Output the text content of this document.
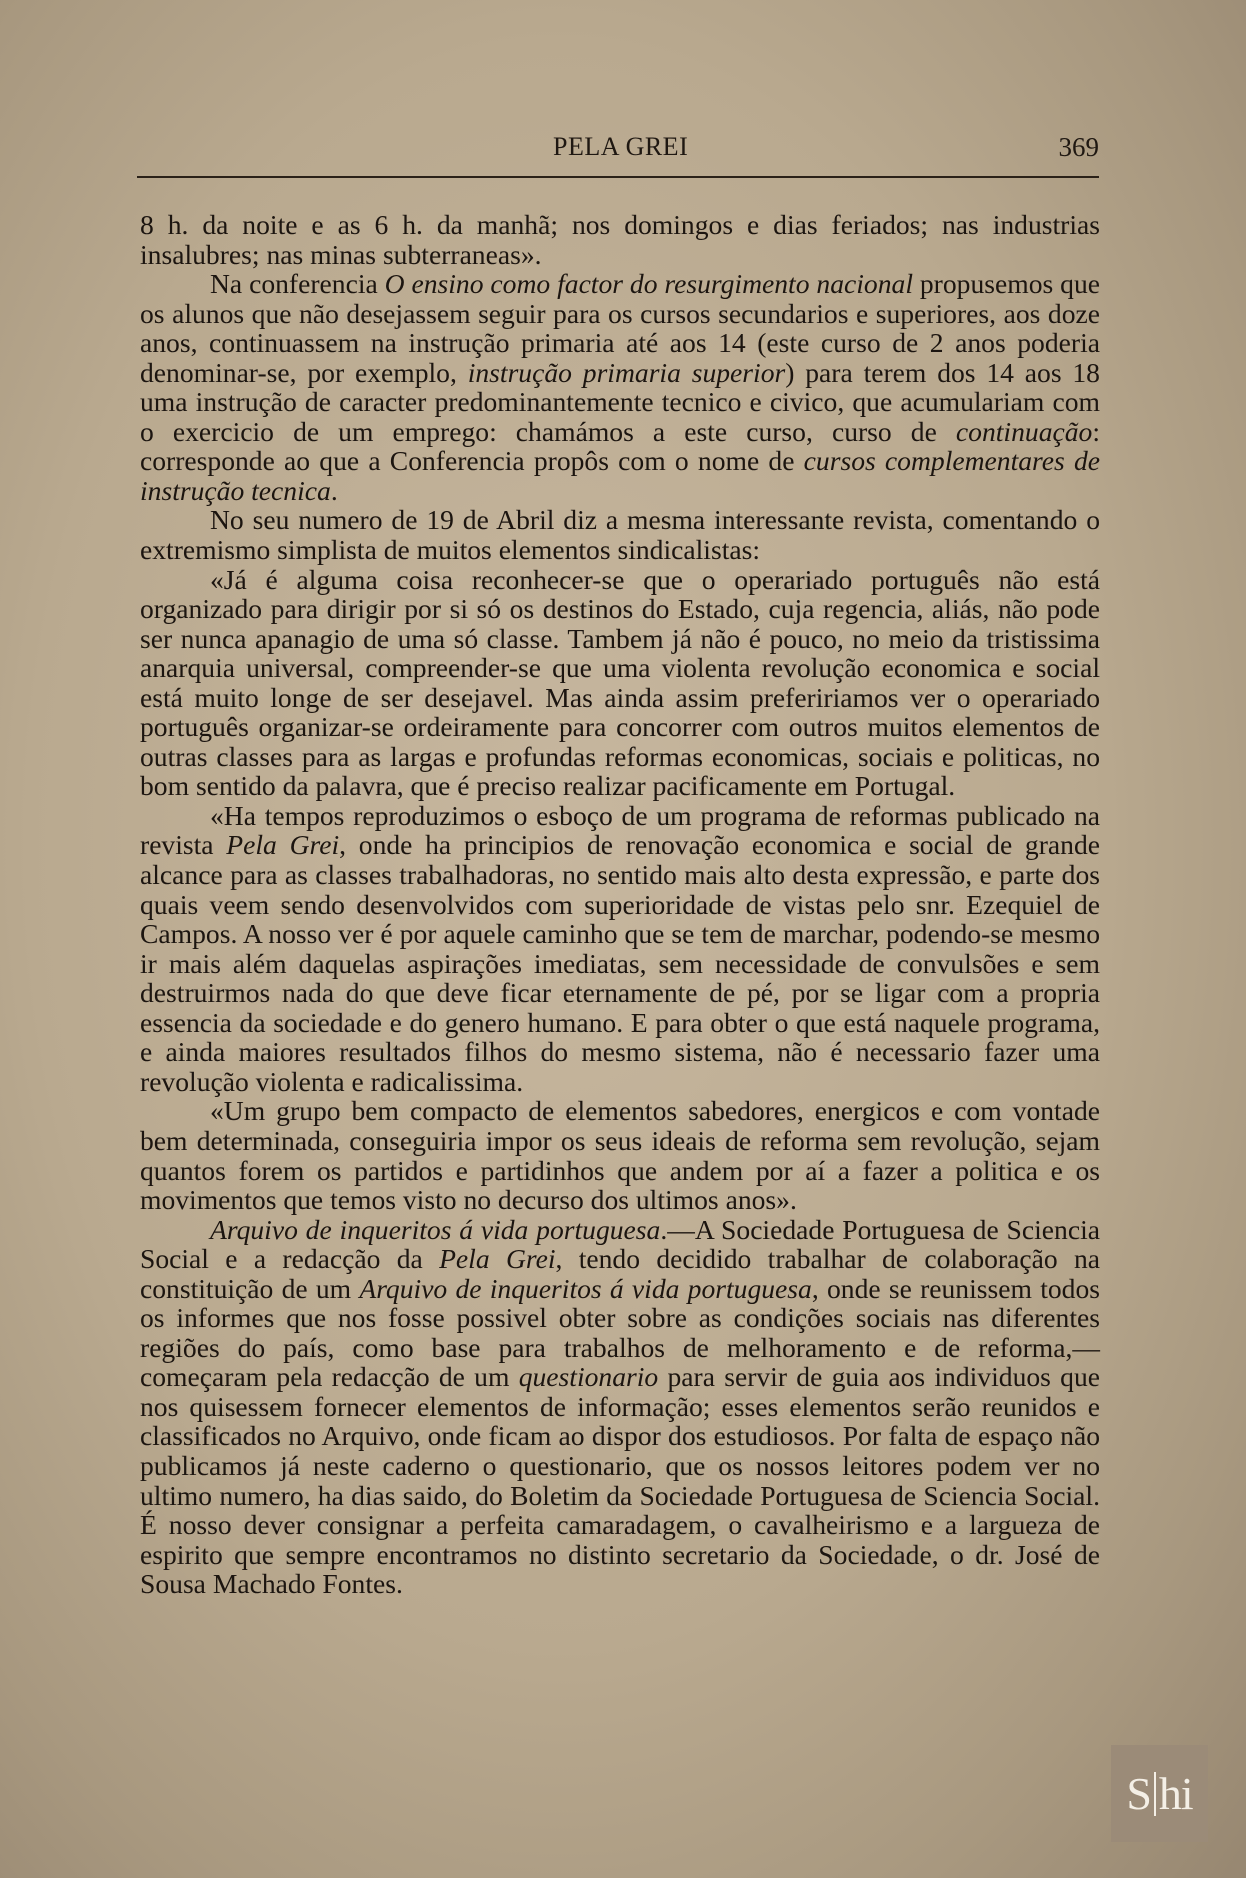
PELA GREI	369

8 h. da noite e as 6 h. da manhã; nos domingos e dias feriados; nas industrias insalubres; nas minas subterraneas».

Na conferencia O ensino como factor do resurgimento nacional propusemos que os alunos que não desejassem seguir para os cursos secundarios e superiores, aos doze anos, continuassem na instrução primaria até aos 14 (este curso de 2 anos poderia denominar-se, por exemplo, instrução primaria superior) para terem dos 14 aos 18 uma instrução de caracter predominantemente tecnico e civico, que acumulariam com o exercicio de um emprego: chamámos a este curso, curso de continuação: corresponde ao que a Conferencia propôs com o nome de cursos complementares de instrução tecnica.

No seu numero de 19 de Abril diz a mesma interessante revista, comentando o extremismo simplista de muitos elementos sindicalistas:

«Já é alguma coisa reconhecer-se que o operariado português não está organizado para dirigir por si só os destinos do Estado, cuja regencia, aliás, não pode ser nunca apanagio de uma só classe. Tambem já não é pouco, no meio da tristissima anarquia universal, compreender-se que uma violenta revolução economica e social está muito longe de ser desejavel. Mas ainda assim prefeririamos ver o operariado português organizar-se ordeiramente para concorrer com outros muitos elementos de outras classes para as largas e profundas reformas economicas, sociais e politicas, no bom sentido da palavra, que é preciso realizar pacificamente em Portugal.

«Ha tempos reproduzimos o esboço de um programa de reformas publicado na revista Pela Grei, onde ha principios de renovação economica e social de grande alcance para as classes trabalhadoras, no sentido mais alto desta expressão, e parte dos quais veem sendo desenvolvidos com superioridade de vistas pelo snr. Ezequiel de Campos. A nosso ver é por aquele caminho que se tem de marchar, podendo-se mesmo ir mais além daquelas aspirações imediatas, sem necessidade de convulsões e sem destruirmos nada do que deve ficar eternamente de pé, por se ligar com a propria essencia da sociedade e do genero humano. E para obter o que está naquele programa, e ainda maiores resultados filhos do mesmo sistema, não é necessario fazer uma revolução violenta e radicalissima.

«Um grupo bem compacto de elementos sabedores, energicos e com vontade bem determinada, conseguiria impor os seus ideais de reforma sem revolução, sejam quantos forem os partidos e partidinhos que andem por aí a fazer a politica e os movimentos que temos visto no decurso dos ultimos anos».

Arquivo de inqueritos á vida portuguesa.—A Sociedade Portuguesa de Sciencia Social e a redacção da Pela Grei, tendo decidido trabalhar de colaboração na constituição de um Arquivo de inqueritos á vida portuguesa, onde se reunissem todos os informes que nos fosse possivel obter sobre as condições sociais nas diferentes regiões do país, como base para trabalhos de melhoramento e de reforma,—começaram pela redacção de um questionario para servir de guia aos individuos que nos quisessem fornecer elementos de informação; esses elementos serão reunidos e classificados no Arquivo, onde ficam ao dispor dos estudiosos. Por falta de espaço não publicamos já neste caderno o questionario, que os nossos leitores podem ver no ultimo numero, ha dias saido, do Boletim da Sociedade Portuguesa de Sciencia Social. É nosso dever consignar a perfeita camaradagem, o cavalheirismo e a largueza de espirito que sempre encontramos no distinto secretario da Sociedade, o dr. José de Sousa Machado Fontes.

S hi
